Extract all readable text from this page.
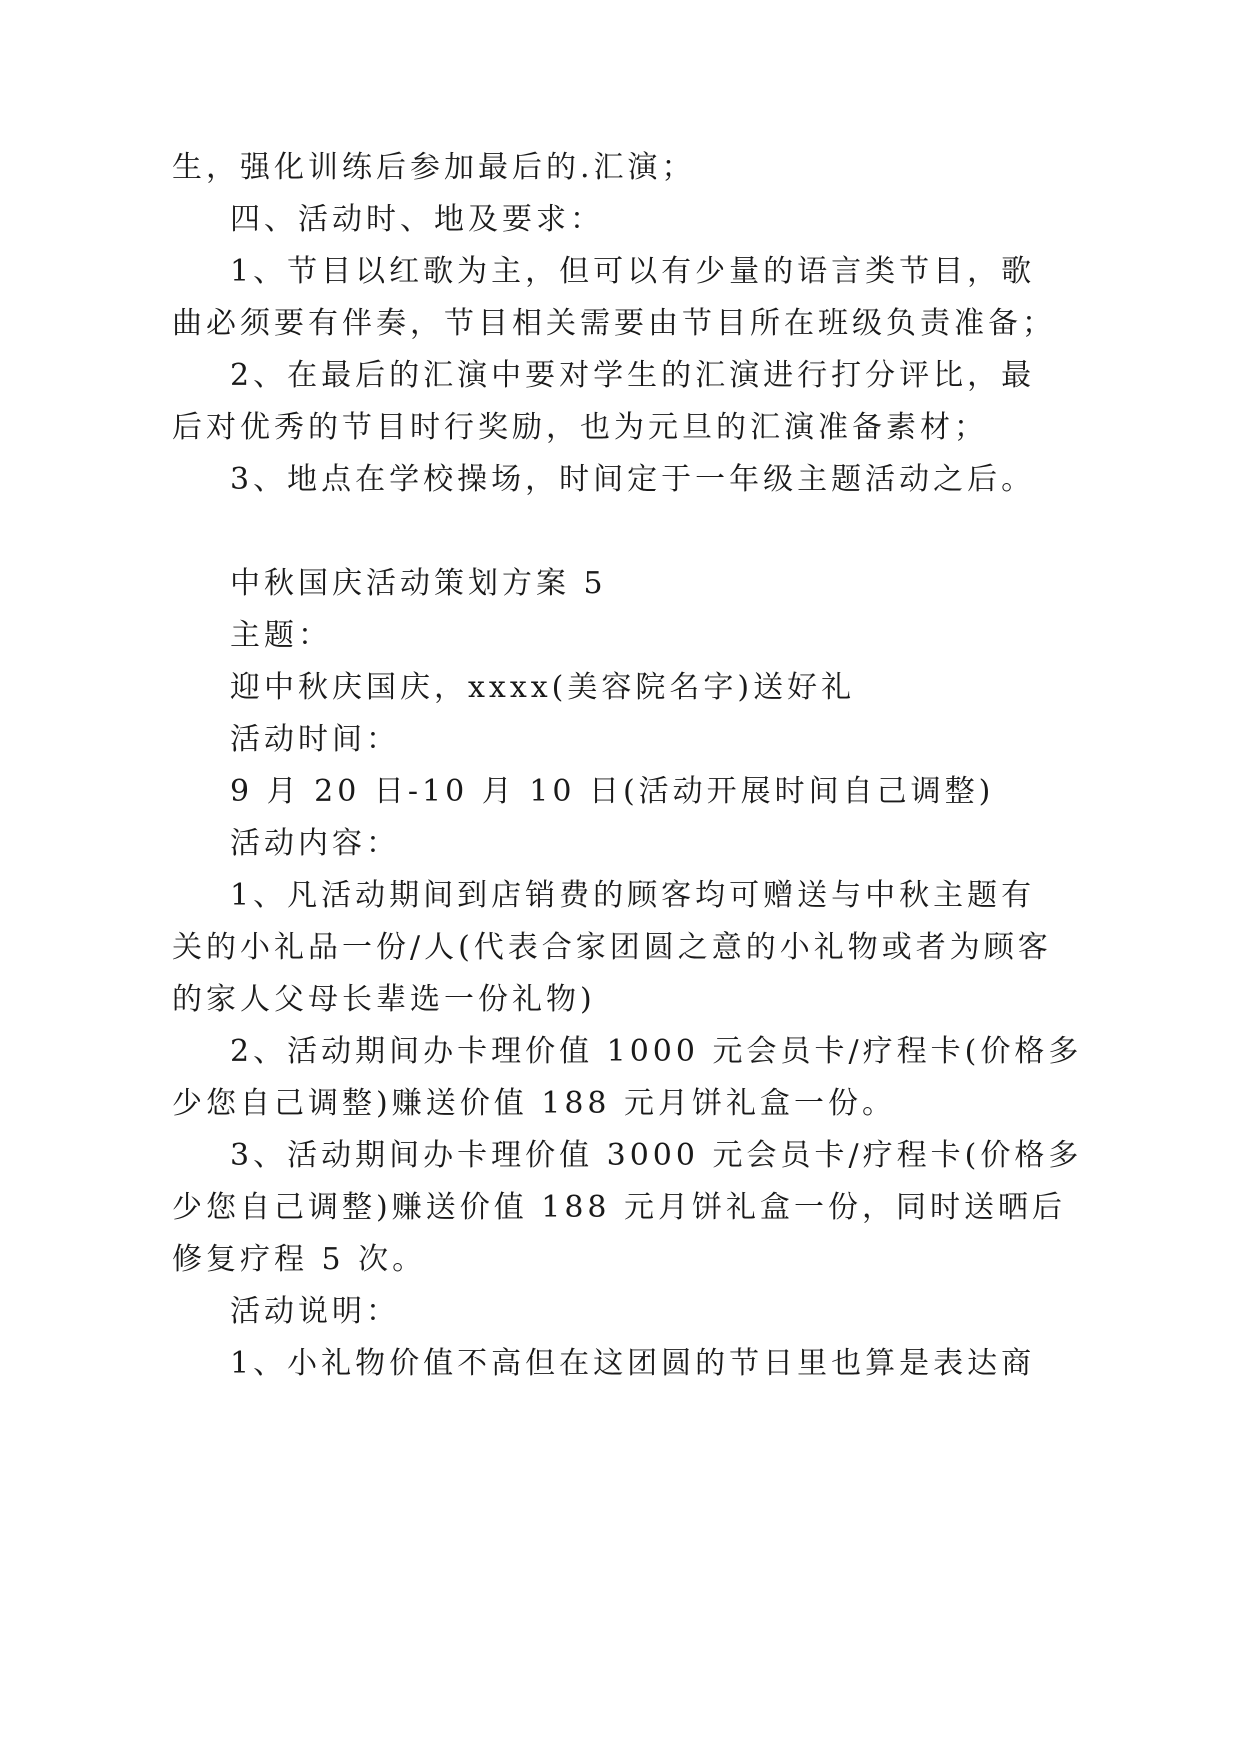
生，强化训练后参加最后的.汇演；
四、活动时、地及要求：
1、节目以红歌为主，但可以有少量的语言类节目，歌
曲必须要有伴奏，节目相关需要由节目所在班级负责准备；
2、在最后的汇演中要对学生的汇演进行打分评比，最
后对优秀的节目时行奖励，也为元旦的汇演准备素材；
3、地点在学校操场，时间定于一年级主题活动之后。
中秋国庆活动策划方案 5
主题：
迎中秋庆国庆，xxxx(美容院名字)送好礼
活动时间：
9 月 20 日-10 月 10 日(活动开展时间自己调整)
活动内容：
1、凡活动期间到店销费的顾客均可赠送与中秋主题有
关的小礼品一份/人(代表合家团圆之意的小礼物或者为顾客
的家人父母长辈选一份礼物)
2、活动期间办卡理价值 1000 元会员卡/疗程卡(价格多
少您自己调整)赚送价值 188 元月饼礼盒一份。
3、活动期间办卡理价值 3000 元会员卡/疗程卡(价格多
少您自己调整)赚送价值 188 元月饼礼盒一份，同时送晒后
修复疗程 5 次。
活动说明：
1、小礼物价值不高但在这团圆的节日里也算是表达商
